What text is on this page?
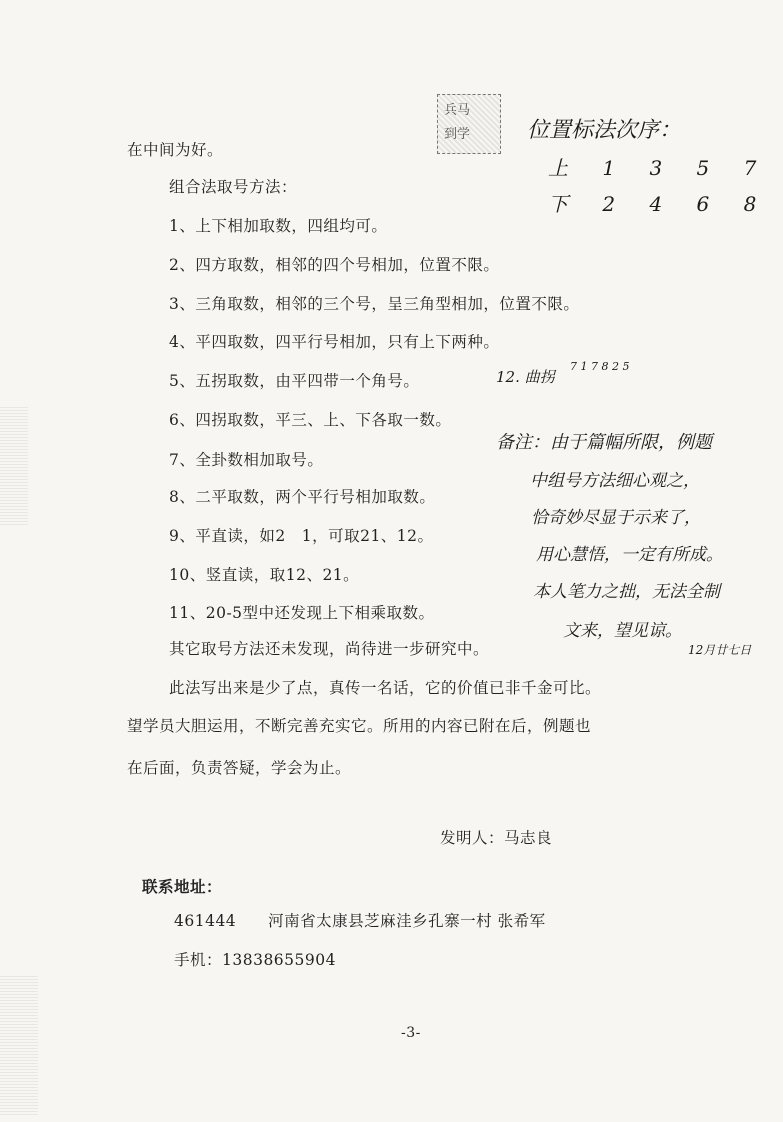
兵马
到学
在中间为好。
组合法取号方法：
1、上下相加取数，四组均可。
2、四方取数，相邻的四个号相加，位置不限。
3、三角取数，相邻的三个号，呈三角型相加，位置不限。
4、平四取数，四平行号相加，只有上下两种。
5、五拐取数，由平四带一个角号。
6、四拐取数，平三、上、下各取一数。
7、全卦数相加取号。
8、二平取数，两个平行号相加取数。
9、平直读，如2　1，可取21、12。
10、竖直读，取12、21。
11、20-5型中还发现上下相乘取数。
其它取号方法还未发现，尚待进一步研究中。
此法写出来是少了点，真传一名话，它的价值已非千金可比。
望学员大胆运用，不断完善充实它。所用的内容已附在后，例题也
在后面，负责答疑，学会为止。
发明人：马志良
联系地址：
461444　　河南省太康县芝麻洼乡孔寨一村 张希军
手机：13838655904
-3-
位置标法次序：
上 1 3 5 7
下 2 4 6 8
12. 曲拐
7 1 7 8 2 5
备注：由于篇幅所限，例题
中组号方法细心观之，
恰奇妙尽显于示来了，
用心慧悟，一定有所成。
本人笔力之拙，无法全制
文来，望见谅。
12月廿七日
